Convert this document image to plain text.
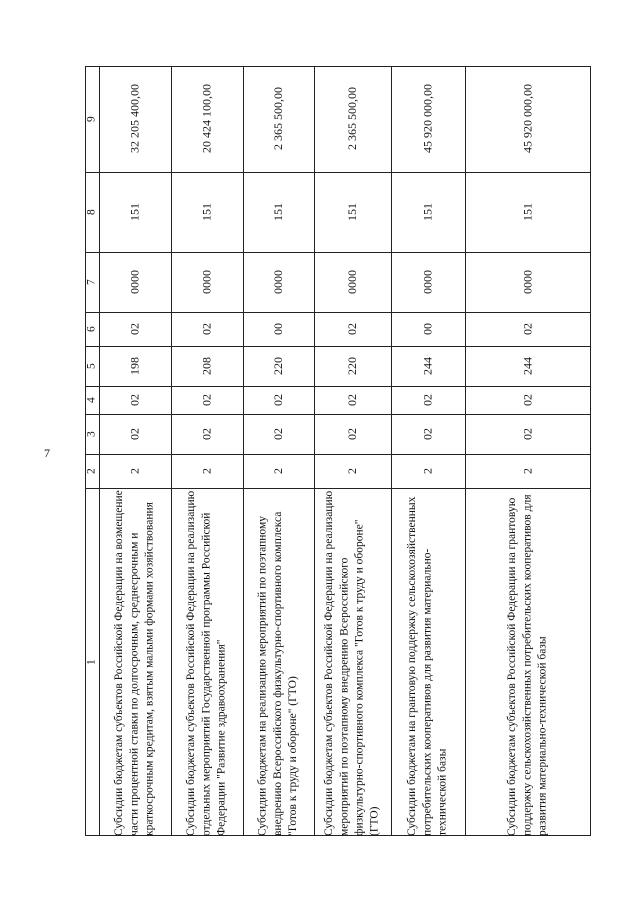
7
1
2
3
4
5
6
7
8
9
Субсидии бюджетам субъектов Российской Федерации на возмещение части процентной ставки по долгосрочным, среднесрочным и краткосрочным кредитам, взятым малыми формами хозяйствования
2
02
02
198
02
0000
151
32 205 400,00
Субсидии бюджетам субъектов Российской Федерации на реализацию отдельных мероприятий Государственной программы Российской Федерации "Развитие здравоохранения"
2
02
02
208
02
0000
151
20 424 100,00
Субсидии бюджетам на реализацию мероприятий по поэтапному внедрению Всероссийского физкультурно-спортивного комплекса "Готов к труду и обороне" (ГТО)
2
02
02
220
00
0000
151
2 365 500,00
Субсидии бюджетам субъектов Российской Федерации на реализацию мероприятий по поэтапному внедрению Всероссийского физкультурно-спортивного комплекса "Готов к труду и обороне" (ГТО)
2
02
02
220
02
0000
151
2 365 500,00
Субсидии бюджетам на грантовую поддержку сельскохозяйственных потребительских кооперативов для развития материально-технической базы
2
02
02
244
00
0000
151
45 920 000,00
Субсидии бюджетам субъектов Российской Федерации на грантовую поддержку сельскохозяйственных потребительских кооперативов для развития материально-технической базы
2
02
02
244
02
0000
151
45 920 000,00
